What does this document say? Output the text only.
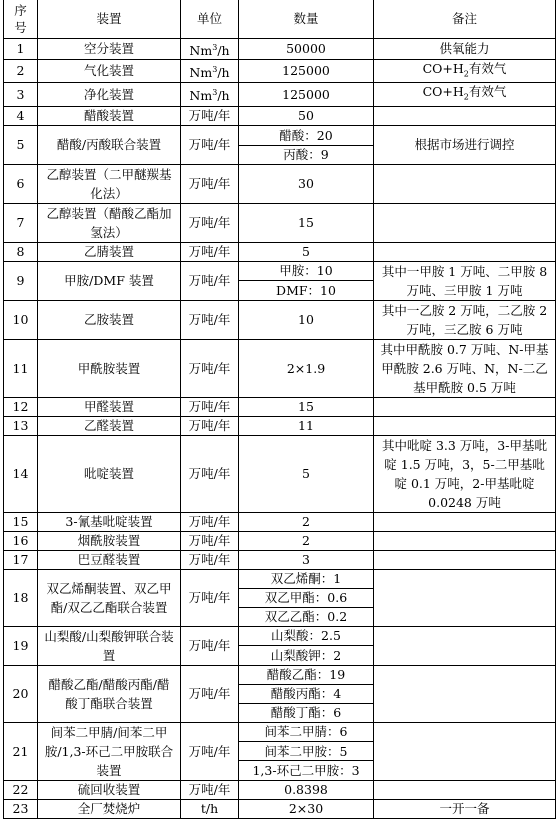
序号	装置	单位	数量	备注
1	空分装置	Nm$^3$/h	50000	供氧能力
2	气化装置	Nm$^3$/h	125000	$CO+H_2$有效气
3	净化装置	Nm$^3$/h	125000	$CO+H_2$有效气
4	醋酸装置	万吨/年	50	
5	醋酸/丙酸联合装置	万吨/年	醋酸：20	根据市场进行调控
			丙酸：9	
6	乙醇装置（二甲醚羰基化法）	万吨/年	30	
7	乙醇装置（醋酸乙酯加氢法）	万吨/年	15	
8	乙腈装置	万吨/年	5	
9	甲胺/DMF 装置	万吨/年	甲胺：10	其中一甲胺 1 万吨、二甲胺 8 万吨、三甲胺 1 万吨
			DMF：10	
10	乙胺装置	万吨/年	10	其中一乙胺 2 万吨，二乙胺 2 万吨，三乙胺 6 万吨
11	甲酰胺装置	万吨/年	2×1.9	其中甲酰胺 0.7 万吨、N-甲基甲酰胺 2.6 万吨、N，N-二乙基甲酰胺 0.5 万吨
12	甲醛装置	万吨/年	15	
13	乙醛装置	万吨/年	11	
14	吡啶装置	万吨/年	5	其中吡啶 3.3 万吨，3-甲基吡啶 1.5 万吨，3，5-二甲基吡啶 0.1 万吨，2-甲基吡啶 0.0248 万吨
15	3-氰基吡啶装置	万吨/年	2	
16	烟酰胺装置	万吨/年	2	
17	巴豆醛装置	万吨/年	3	
18	双乙烯酮装置、双乙甲酯/双乙乙酯联合装置	万吨/年	双乙烯酮：1	
			双乙甲酯：0.6	
			双乙乙酯：0.2	
19	山梨酸/山梨酸钾联合装置	万吨/年	山梨酸：2.5	
			山梨酸钾：2	
20	醋酸乙酯/醋酸丙酯/醋酸丁酯联合装置	万吨/年	醋酸乙酯：19	
			醋酸丙酯：4	
			醋酸丁酯：6	
21	间苯二甲腈/间苯二甲胺/1,3-环己二甲胺联合装置	万吨/年	间苯二甲腈：6	
			间苯二甲胺：5	
			1,3-环己二甲胺：3	
22	硫回收装置	万吨/年	0.8398	
23	全厂焚烧炉	t/h	2×30	一开一备
